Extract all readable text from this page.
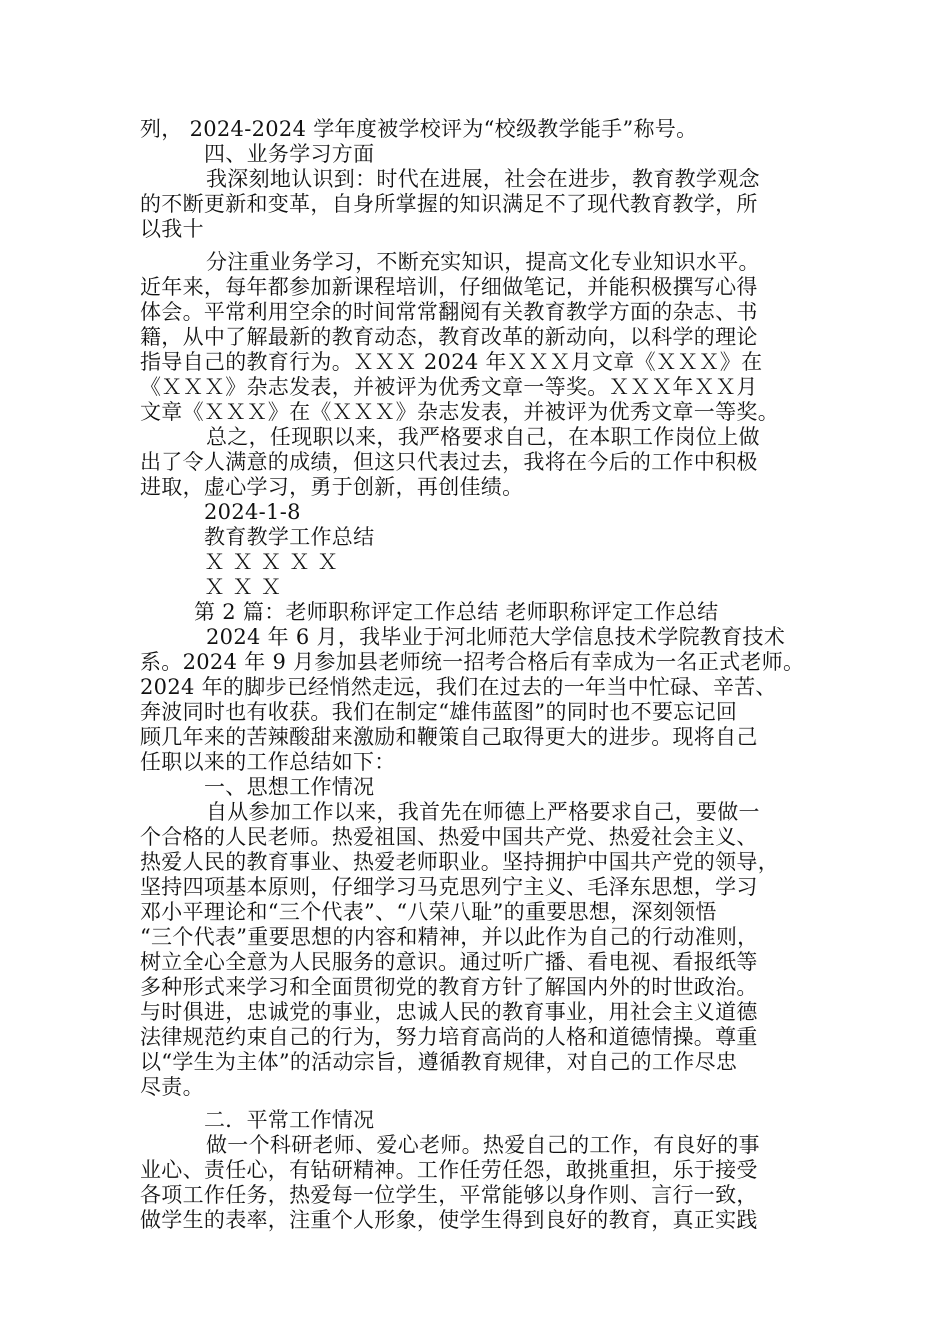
列， 2024-2024 学年度被学校评为“校级教学能手”称号。
四、业务学习方面
我深刻地认识到：时代在进展，社会在进步，教育教学观念
的不断更新和变革，自身所掌握的知识满足不了现代教育教学，所
以我十
分注重业务学习，不断充实知识，提高文化专业知识水平。
近年来，每年都参加新课程培训，仔细做笔记，并能积极撰写心得
体会。平常利用空余的时间常常翻阅有关教育教学方面的杂志、书
籍，从中了解最新的教育动态，教育改革的新动向，以科学的理论
指导自己的教育行为。ＸＸＸ 2024 年ＸＸＸ月文章《ＸＸＸ》在
《ＸＸＸ》杂志发表，并被评为优秀文章一等奖。ＸＸＸ年ＸＸ月
文章《ＸＸＸ》在《ＸＸＸ》杂志发表，并被评为优秀文章一等奖。
总之，任现职以来，我严格要求自己，在本职工作岗位上做
出了令人满意的成绩，但这只代表过去，我将在今后的工作中积极
进取，虚心学习，勇于创新，再创佳绩。
2024-1-8
教育教学工作总结
Ｘ Ｘ Ｘ Ｘ Ｘ
Ｘ Ｘ Ｘ
第 2 篇：老师职称评定工作总结 老师职称评定工作总结
2024 年 6 月，我毕业于河北师范大学信息技术学院教育技术
系。2024 年 9 月参加县老师统一招考合格后有幸成为一名正式老师。
2024 年的脚步已经悄然走远，我们在过去的一年当中忙碌、辛苦、
奔波同时也有收获。我们在制定“雄伟蓝图”的同时也不要忘记回
顾几年来的苦辣酸甜来激励和鞭策自己取得更大的进步。现将自己
任职以来的工作总结如下：
一、思想工作情况
自从参加工作以来，我首先在师德上严格要求自己，要做一
个合格的人民老师。热爱祖国、热爱中国共产党、热爱社会主义、
热爱人民的教育事业、热爱老师职业。坚持拥护中国共产党的领导，
坚持四项基本原则，仔细学习马克思列宁主义、毛泽东思想，学习
邓小平理论和“三个代表”、“八荣八耻”的重要思想，深刻领悟
“三个代表”重要思想的内容和精神，并以此作为自己的行动准则，
树立全心全意为人民服务的意识。通过听广播、看电视、看报纸等
多种形式来学习和全面贯彻党的教育方针了解国内外的时世政治。
与时俱进，忠诚党的事业，忠诚人民的教育事业，用社会主义道德
法律规范约束自己的行为，努力培育高尚的人格和道德情操。尊重
以“学生为主体”的活动宗旨，遵循教育规律，对自己的工作尽忠
尽责。
二．平常工作情况
做一个科研老师、爱心老师。热爱自己的工作，有良好的事
业心、责任心，有钻研精神。工作任劳任怨，敢挑重担，乐于接受
各项工作任务，热爱每一位学生，平常能够以身作则、言行一致，
做学生的表率，注重个人形象，使学生得到良好的教育，真正实践
